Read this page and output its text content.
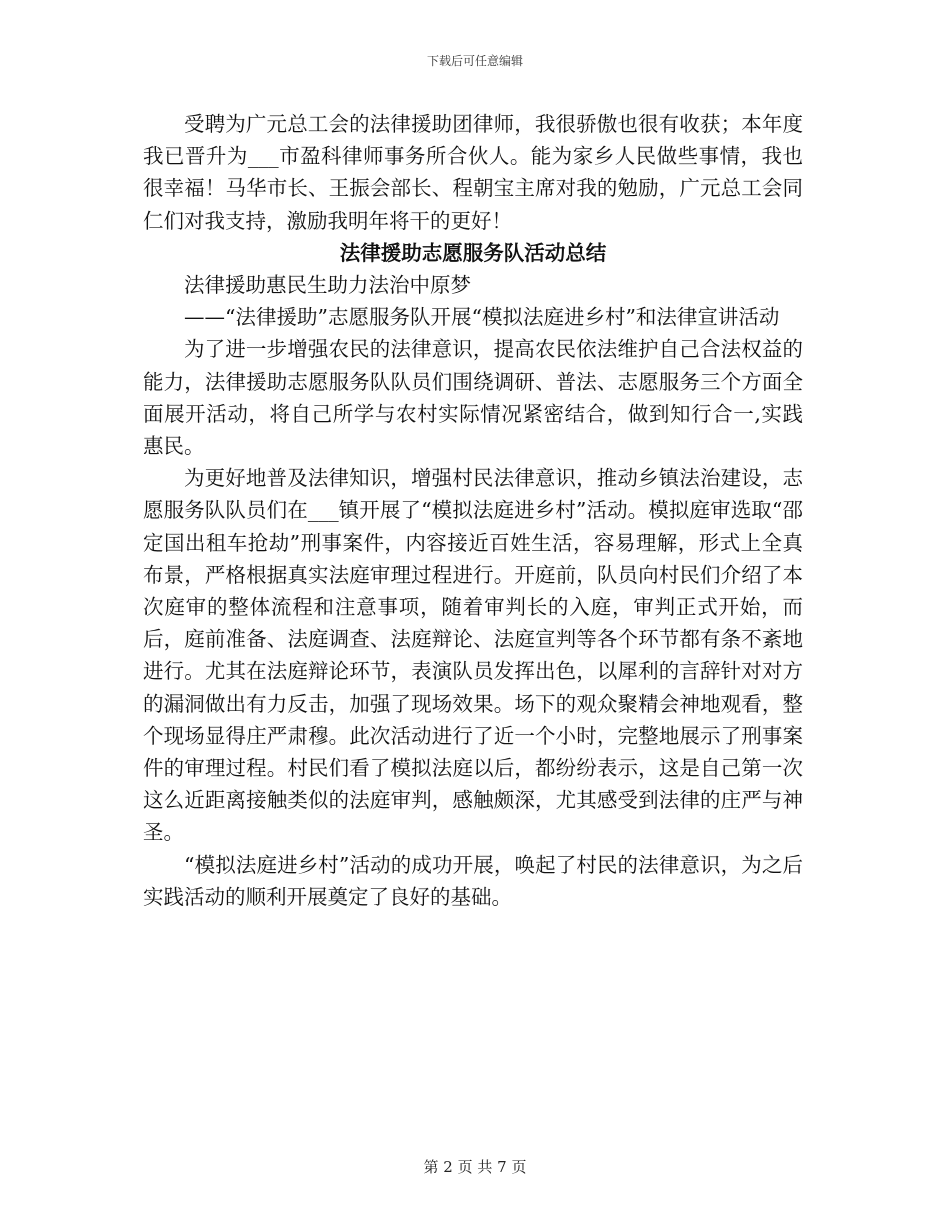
下载后可任意编辑

受聘为广元总工会的法律援助团律师，我很骄傲也很有收获；本年度我已晋升为___市盈科律师事务所合伙人。能为家乡人民做些事情，我也很幸福！马华市长、王振会部长、程朝宝主席对我的勉励，广元总工会同仁们对我支持，激励我明年将干的更好！

法律援助志愿服务队活动总结

法律援助惠民生助力法治中原梦

——“法律援助”志愿服务队开展“模拟法庭进乡村”和法律宣讲活动

为了进一步增强农民的法律意识，提高农民依法维护自己合法权益的能力，法律援助志愿服务队队员们围绕调研、普法、志愿服务三个方面全面展开活动，将自己所学与农村实际情况紧密结合，做到知行合一,实践惠民。

为更好地普及法律知识，增强村民法律意识，推动乡镇法治建设，志愿服务队队员们在___镇开展了“模拟法庭进乡村”活动。模拟庭审选取“邵定国出租车抢劫”刑事案件，内容接近百姓生活，容易理解，形式上全真布景，严格根据真实法庭审理过程进行。开庭前，队员向村民们介绍了本次庭审的整体流程和注意事项，随着审判长的入庭，审判正式开始，而后，庭前准备、法庭调查、法庭辩论、法庭宣判等各个环节都有条不紊地进行。尤其在法庭辩论环节，表演队员发挥出色，以犀利的言辞针对对方的漏洞做出有力反击，加强了现场效果。场下的观众聚精会神地观看，整个现场显得庄严肃穆。此次活动进行了近一个小时，完整地展示了刑事案件的审理过程。村民们看了模拟法庭以后，都纷纷表示，这是自己第一次这么近距离接触类似的法庭审判，感触颇深，尤其感受到法律的庄严与神圣。

“模拟法庭进乡村”活动的成功开展，唤起了村民的法律意识，为之后实践活动的顺利开展奠定了良好的基础。

第 2 页 共 7 页
